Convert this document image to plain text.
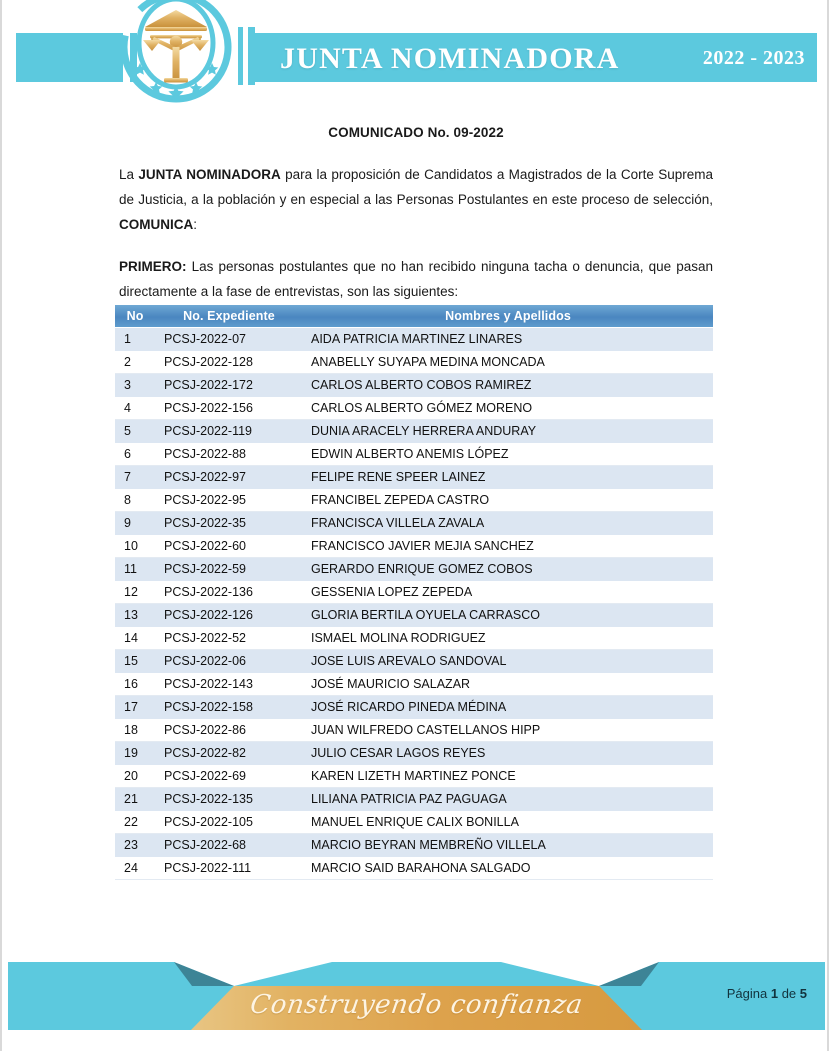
JUNTA NOMINADORA	2022 - 2023
COMUNICADO No. 09-2022

La JUNTA NOMINADORA para la proposición de Candidatos a Magistrados de la Corte Suprema de Justicia, a la población y en especial a las Personas Postulantes en este proceso de selección, COMUNICA:

PRIMERO: Las personas postulantes que no han recibido ninguna tacha o denuncia, que pasan directamente a la fase de entrevistas, son las siguientes:

No	No. Expediente	Nombres y Apellidos
1	PCSJ-2022-07	AIDA PATRICIA MARTINEZ LINARES
2	PCSJ-2022-128	ANABELLY SUYAPA MEDINA MONCADA
3	PCSJ-2022-172	CARLOS ALBERTO COBOS RAMIREZ
4	PCSJ-2022-156	CARLOS ALBERTO GÓMEZ MORENO
5	PCSJ-2022-119	DUNIA ARACELY HERRERA ANDURAY
6	PCSJ-2022-88	EDWIN ALBERTO ANEMIS LÓPEZ
7	PCSJ-2022-97	FELIPE RENE SPEER LAINEZ
8	PCSJ-2022-95	FRANCIBEL ZEPEDA CASTRO
9	PCSJ-2022-35	FRANCISCA VILLELA ZAVALA
10	PCSJ-2022-60	FRANCISCO JAVIER MEJIA SANCHEZ
11	PCSJ-2022-59	GERARDO ENRIQUE GOMEZ COBOS
12	PCSJ-2022-136	GESSENIA LOPEZ ZEPEDA
13	PCSJ-2022-126	GLORIA BERTILA OYUELA CARRASCO
14	PCSJ-2022-52	ISMAEL MOLINA RODRIGUEZ
15	PCSJ-2022-06	JOSE LUIS AREVALO SANDOVAL
16	PCSJ-2022-143	JOSÉ MAURICIO SALAZAR
17	PCSJ-2022-158	JOSÉ RICARDO PINEDA MÉDINA
18	PCSJ-2022-86	JUAN WILFREDO CASTELLANOS HIPP
19	PCSJ-2022-82	JULIO CESAR LAGOS REYES
20	PCSJ-2022-69	KAREN LIZETH MARTINEZ PONCE
21	PCSJ-2022-135	LILIANA PATRICIA PAZ PAGUAGA
22	PCSJ-2022-105	MANUEL ENRIQUE CALIX BONILLA
23	PCSJ-2022-68	MARCIO BEYRAN MEMBREÑO VILLELA
24	PCSJ-2022-111	MARCIO SAID BARAHONA SALGADO
Construyendo confianza	Página 1 de 5
